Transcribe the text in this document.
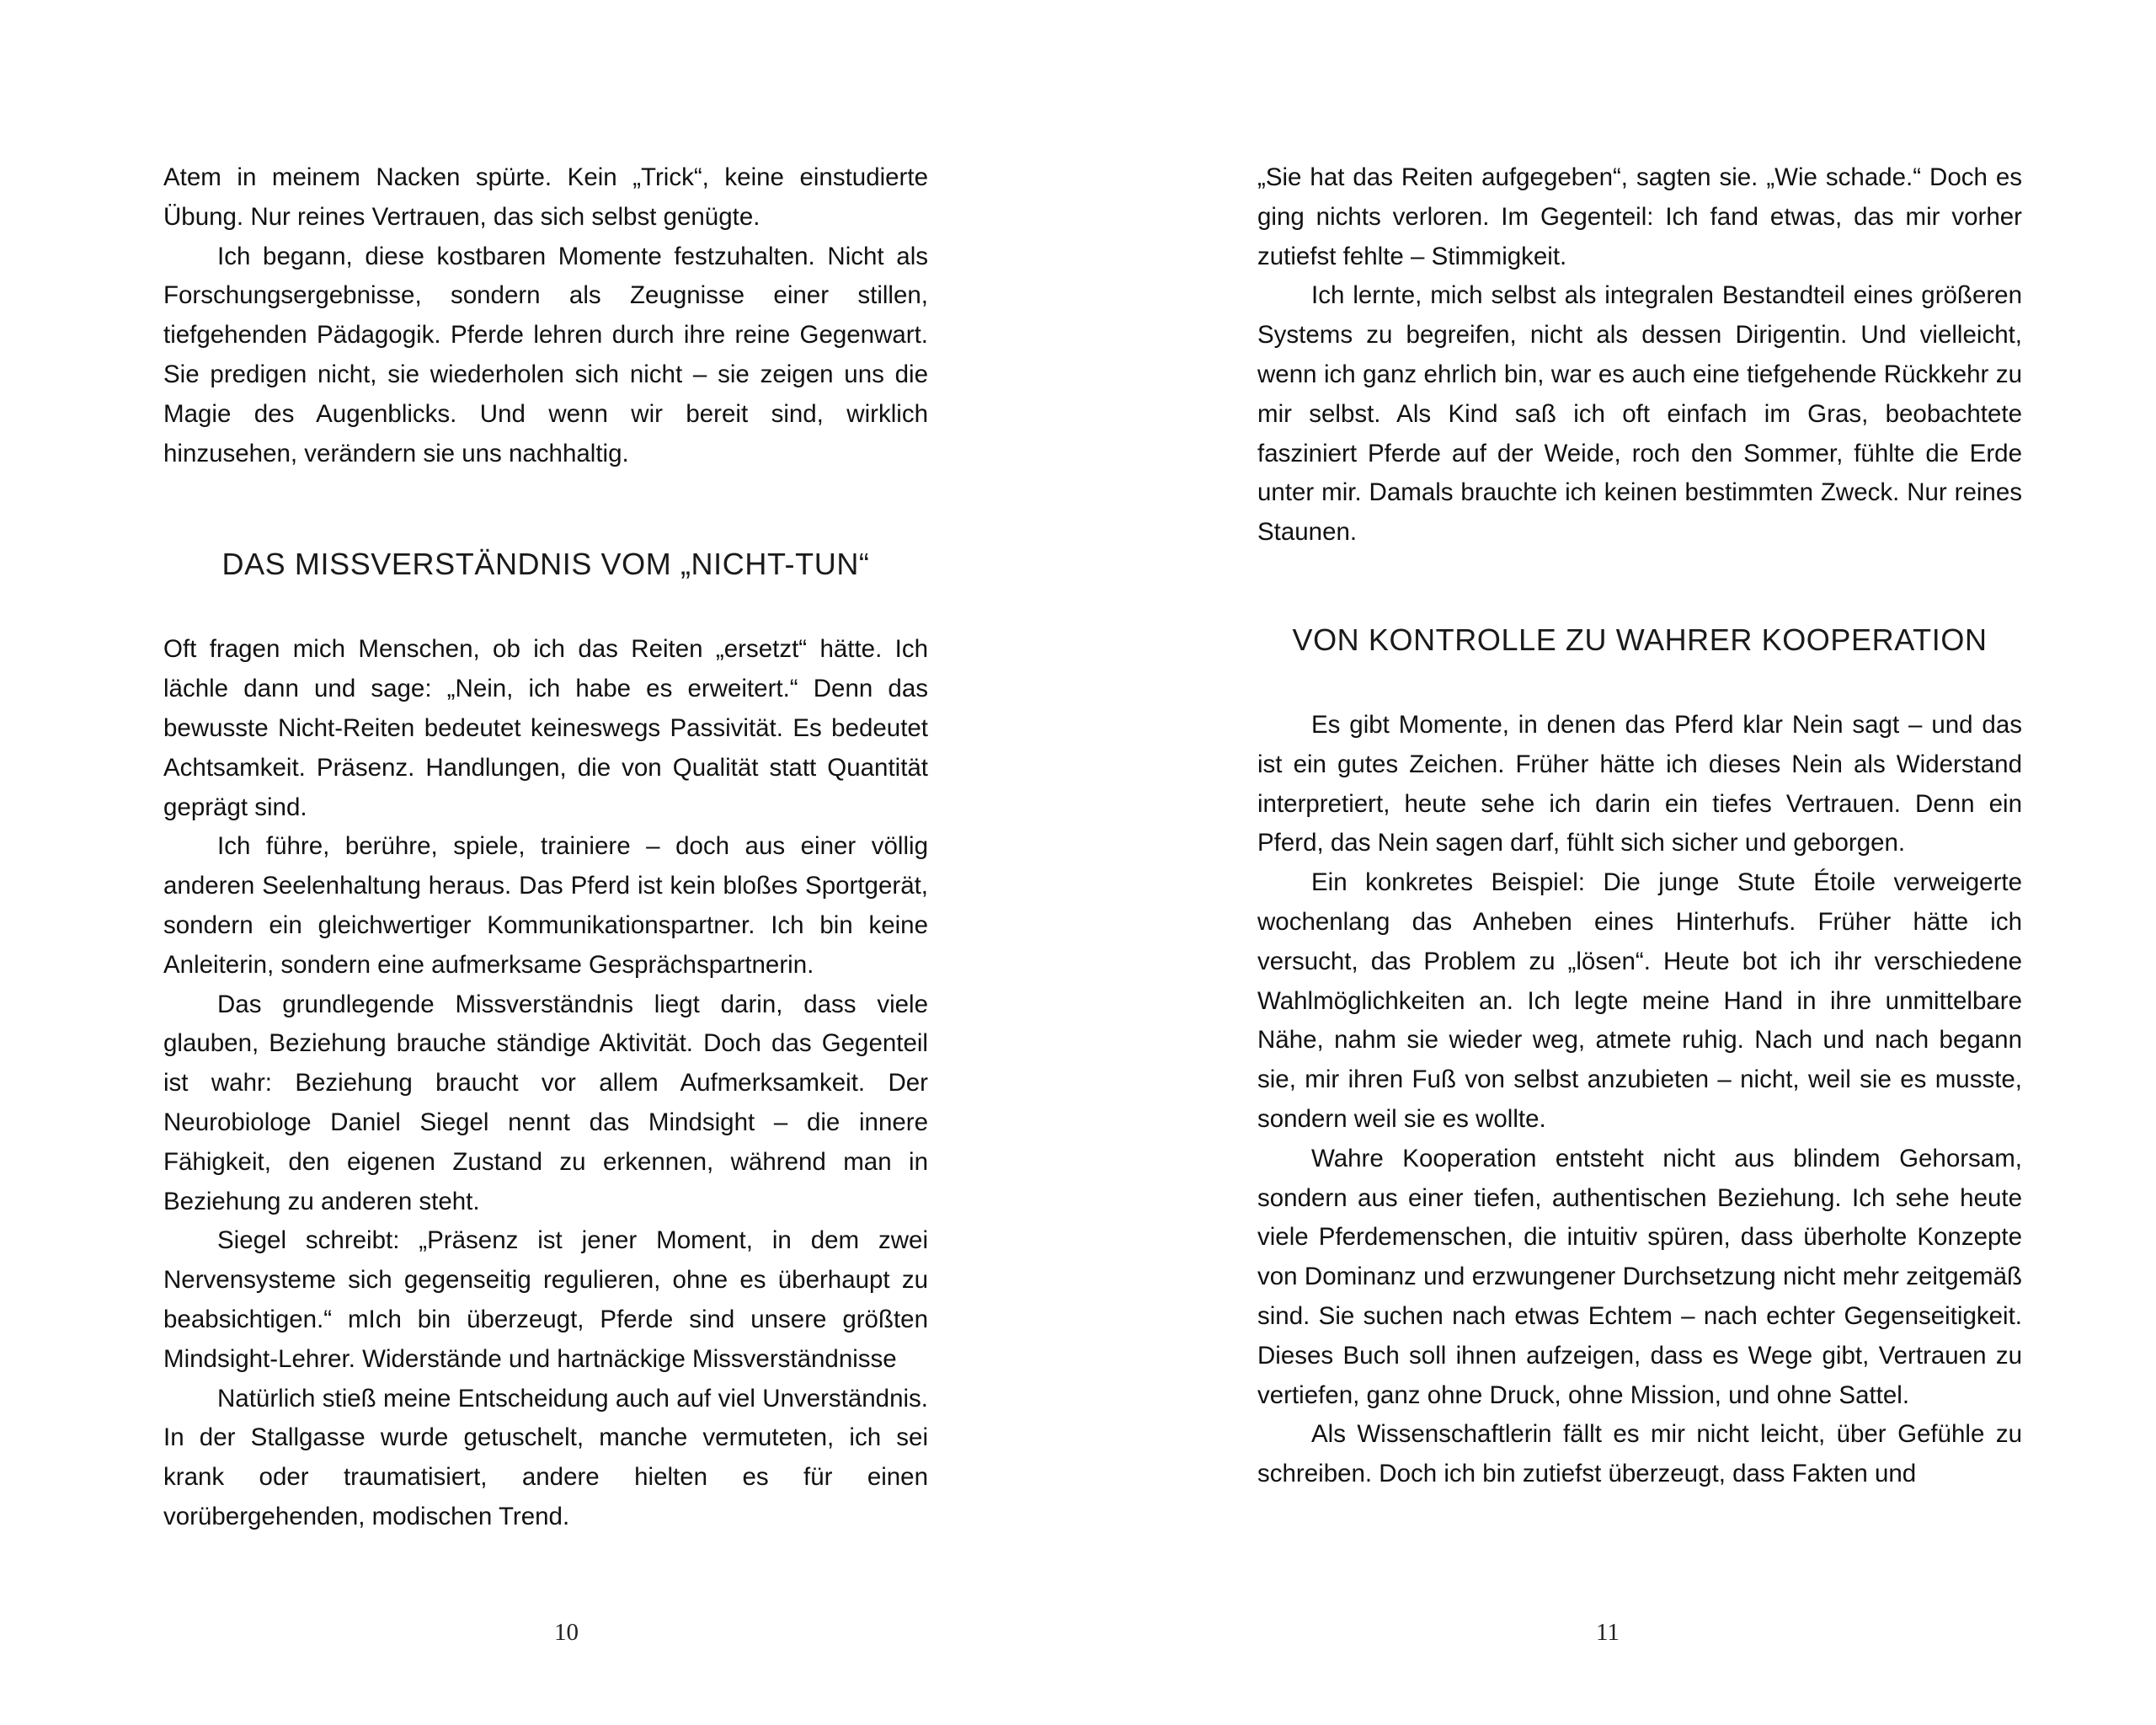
Atem in meinem Nacken spürte. Kein „Trick“, keine einstudierte Übung. Nur reines Vertrauen, das sich selbst genügte.

Ich begann, diese kostbaren Momente festzuhalten. Nicht als Forschungsergebnisse, sondern als Zeugnisse einer stillen, tiefgehenden Pädagogik. Pferde lehren durch ihre reine Gegenwart. Sie predigen nicht, sie wiederholen sich nicht – sie zeigen uns die Magie des Augenblicks. Und wenn wir bereit sind, wirklich hinzusehen, verändern sie uns nachhaltig.

DAS MISSVERSTÄNDNIS VOM „NICHT-TUN“

Oft fragen mich Menschen, ob ich das Reiten „ersetzt“ hätte. Ich lächle dann und sage: „Nein, ich habe es erweitert.“ Denn das bewusste Nicht-Reiten bedeutet keineswegs Passivität. Es bedeutet Achtsamkeit. Präsenz. Handlungen, die von Qualität statt Quantität geprägt sind.

Ich führe, berühre, spiele, trainiere – doch aus einer völlig anderen Seelenhaltung heraus. Das Pferd ist kein bloßes Sportgerät, sondern ein gleichwertiger Kommunikationspartner. Ich bin keine Anleiterin, sondern eine aufmerksame Gesprächspartnerin.

Das grundlegende Missverständnis liegt darin, dass viele glauben, Beziehung brauche ständige Aktivität. Doch das Gegenteil ist wahr: Beziehung braucht vor allem Aufmerksamkeit. Der Neurobiologe Daniel Siegel nennt das Mindsight – die innere Fähigkeit, den eigenen Zustand zu erkennen, während man in Beziehung zu anderen steht.

Siegel schreibt: „Präsenz ist jener Moment, in dem zwei Nervensysteme sich gegenseitig regulieren, ohne es überhaupt zu beabsichtigen.“ mIch bin überzeugt, Pferde sind unsere größten Mindsight-Lehrer. Widerstände und hartnäckige Missverständnisse

Natürlich stieß meine Entscheidung auch auf viel Unverständnis. In der Stallgasse wurde getuschelt, manche vermuteten, ich sei krank oder traumatisiert, andere hielten es für einen vorübergehenden, modischen Trend.

10

„Sie hat das Reiten aufgegeben“, sagten sie. „Wie schade.“ Doch es ging nichts verloren. Im Gegenteil: Ich fand etwas, das mir vorher zutiefst fehlte – Stimmigkeit.

Ich lernte, mich selbst als integralen Bestandteil eines größeren Systems zu begreifen, nicht als dessen Dirigentin. Und vielleicht, wenn ich ganz ehrlich bin, war es auch eine tiefgehende Rückkehr zu mir selbst. Als Kind saß ich oft einfach im Gras, beobachtete fasziniert Pferde auf der Weide, roch den Sommer, fühlte die Erde unter mir. Damals brauchte ich keinen bestimmten Zweck. Nur reines Staunen.

VON KONTROLLE ZU WAHRER KOOPERATION

Es gibt Momente, in denen das Pferd klar Nein sagt – und das ist ein gutes Zeichen. Früher hätte ich dieses Nein als Widerstand interpretiert, heute sehe ich darin ein tiefes Vertrauen. Denn ein Pferd, das Nein sagen darf, fühlt sich sicher und geborgen.

Ein konkretes Beispiel: Die junge Stute Étoile verweigerte wochenlang das Anheben eines Hinterhufs. Früher hätte ich versucht, das Problem zu „lösen“. Heute bot ich ihr verschiedene Wahlmöglichkeiten an. Ich legte meine Hand in ihre unmittelbare Nähe, nahm sie wieder weg, atmete ruhig. Nach und nach begann sie, mir ihren Fuß von selbst anzubieten – nicht, weil sie es musste, sondern weil sie es wollte.

Wahre Kooperation entsteht nicht aus blindem Gehorsam, sondern aus einer tiefen, authentischen Beziehung. Ich sehe heute viele Pferdemenschen, die intuitiv spüren, dass überholte Konzepte von Dominanz und erzwungener Durchsetzung nicht mehr zeitgemäß sind. Sie suchen nach etwas Echtem – nach echter Gegenseitigkeit. Dieses Buch soll ihnen aufzeigen, dass es Wege gibt, Vertrauen zu vertiefen, ganz ohne Druck, ohne Mission, und ohne Sattel.

Als Wissenschaftlerin fällt es mir nicht leicht, über Gefühle zu schreiben. Doch ich bin zutiefst überzeugt, dass Fakten und

11
